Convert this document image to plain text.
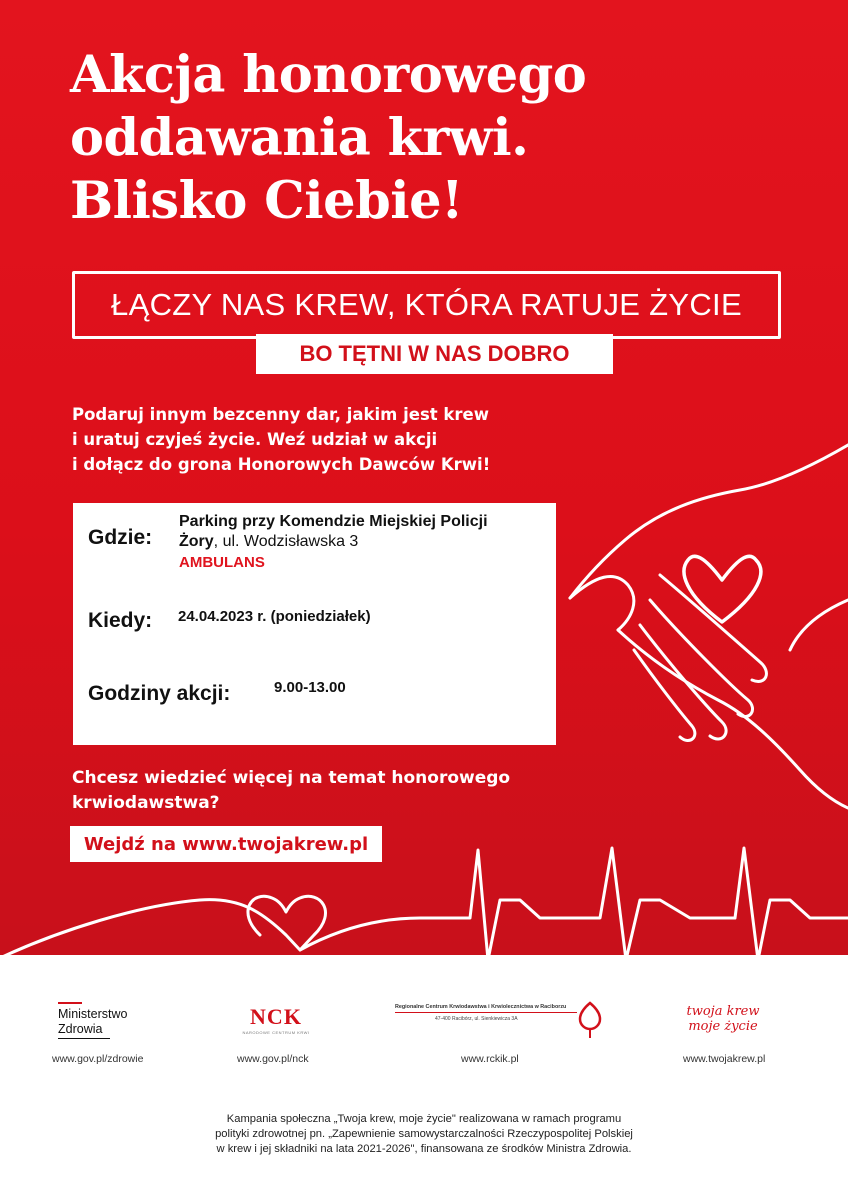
Akcja honorowego
oddawania krwi.
Blisko Ciebie!
ŁĄCZY NAS KREW, KTÓRA RATUJE ŻYCIE
BO TĘTNI W NAS DOBRO
Podaruj innym bezcenny dar, jakim jest krew
i uratuj czyjeś życie. Weź udział w akcji
i dołącz do grona Honorowych Dawców Krwi!
Gdzie:
Parking przy Komendzie Miejskiej Policji
Żory, ul. Wodzisławska 3
AMBULANS
Kiedy: 24.04.2023 r. (poniedziałek)
Godziny akcji:	9.00-13.00
Chcesz wiedzieć więcej na temat honorowego
krwiodawstwa?
Wejdź na www.twojakrew.pl
Ministerstwo
Zdrowia
www.gov.pl/zdrowie
NCK
NARODOWE CENTRUM KRWI
www.gov.pl/nck
Regionalne Centrum Krwiodawstwa i Krwiolecznictwa w Raciborzu
47-400 Racibórz, ul. Sienkiewicza 3A
www.rckik.pl
twoja krew
moje życie
www.twojakrew.pl
Kampania społeczna „Twoja krew, moje życie" realizowana w ramach programu
polityki zdrowotnej pn. „Zapewnienie samowystarczalności Rzeczypospolitej Polskiej
w krew i jej składniki na lata 2021-2026", finansowana ze środków Ministra Zdrowia.
